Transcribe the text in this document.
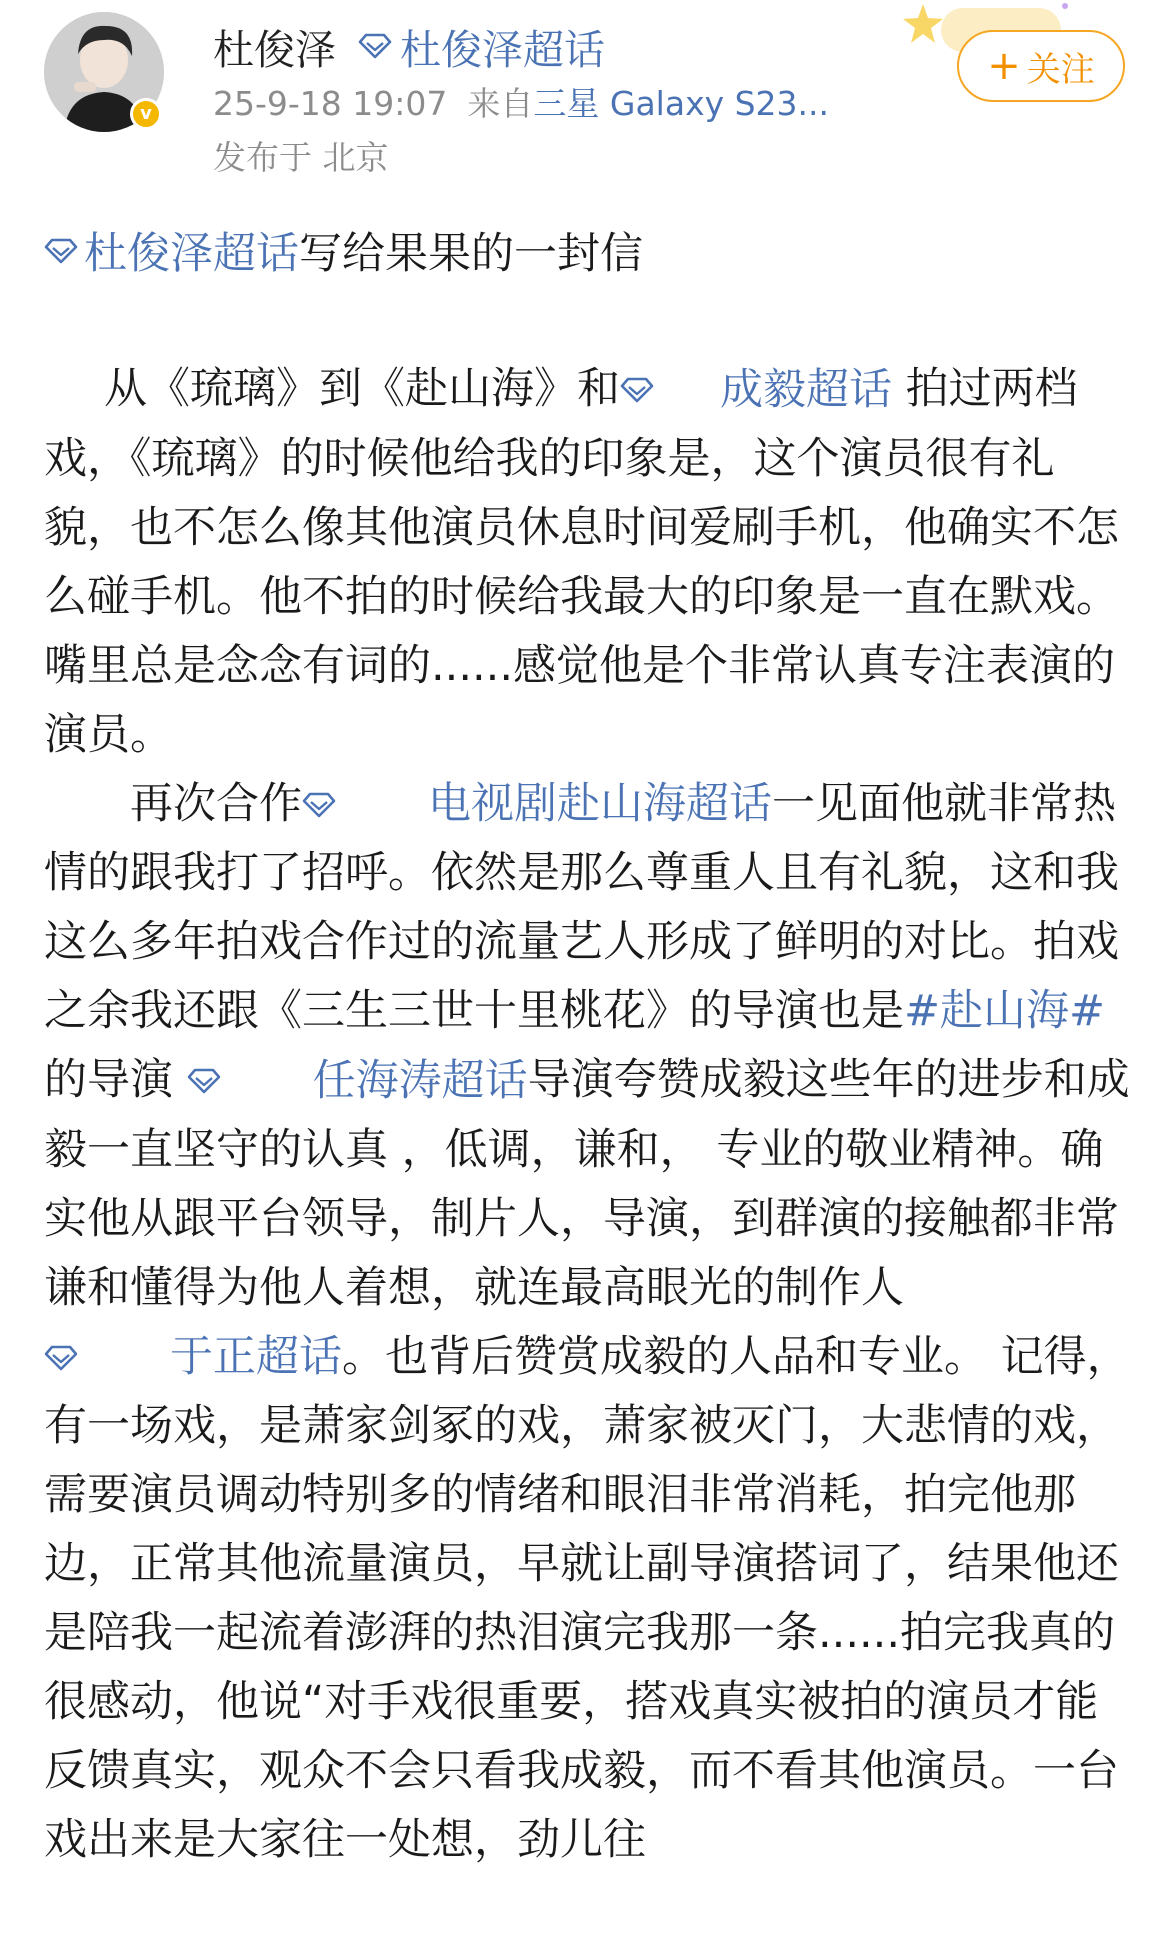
v
杜俊泽 杜俊泽超话
25-9-18 19:07 来自三星 Galaxy S23...
发布于 北京
+ 关注
杜俊泽超话 写给果果的一封信

从《琉璃》到《赴山海》和	成毅超话 拍过两档戏，《琉璃》的时候他给我的印象是，这个演员很有礼貌，也不怎么像其他演员休息时间爱刷手机，他确实不怎么碰手机。他不拍的时候给我最大的印象是一直在默戏。嘴里总是念念有词的......感觉他是个非常认真专注表演的演员。

再次合作	电视剧赴山海超话 一见面他就非常热情的跟我打了招呼。依然是那么尊重人且有礼貌，这和我这么多年拍戏合作过的流量艺人形成了鲜明的对比。拍戏之余我还跟《三生三世十里桃花》的导演也是#赴山海# 的导演	任海涛超话 导演夸赞成毅这些年的进步和成毅一直坚守的认真 ，低调，谦和， 专业的敬业精神。确实他从跟平台领导，制片人，导演，到群演的接触都非常谦和懂得为他人着想，就连最高眼光的制作人
于正超话 。也背后赞赏成毅的人品和专业。 记得，有一场戏，是萧家剑冢的戏，萧家被灭门，大悲情的戏，需要演员调动特别多的情绪和眼泪非常消耗，拍完他那边，正常其他流量演员，早就让副导演搭词了，结果他还是陪我一起流着澎湃的热泪演完我那一条......拍完我真的很感动，他说“对手戏很重要，搭戏真实被拍的演员才能反馈真实，观众不会只看我成毅，而不看其他演员。一台戏出来是大家往一处想，劲儿往
